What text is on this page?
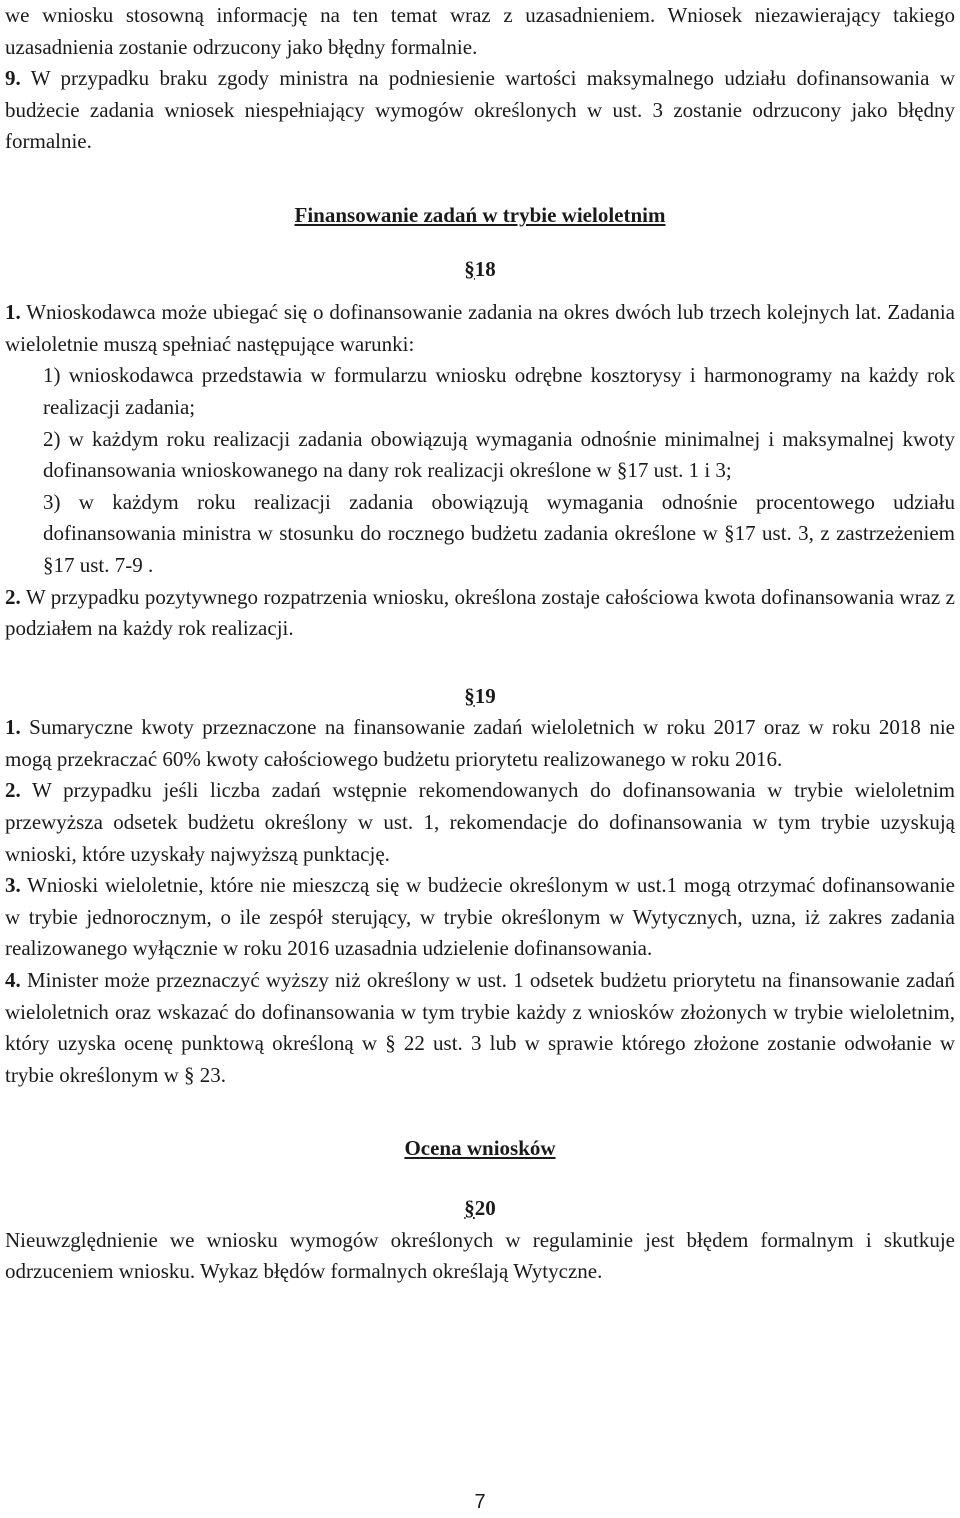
we wniosku stosowną informację na ten temat wraz z uzasadnieniem. Wniosek niezawierający takiego uzasadnienia zostanie odrzucony jako błędny formalnie.

9. W przypadku braku zgody ministra na podniesienie wartości maksymalnego udziału dofinansowania w budżecie zadania wniosek niespełniający wymogów określonych w ust. 3 zostanie odrzucony jako błędny formalnie.

Finansowanie zadań w trybie wieloletnim

§18

1. Wnioskodawca może ubiegać się o dofinansowanie zadania na okres dwóch lub trzech kolejnych lat. Zadania wieloletnie muszą spełniać następujące warunki:

1) wnioskodawca przedstawia w formularzu wniosku odrębne kosztorysy i harmonogramy na każdy rok realizacji zadania;

2) w każdym roku realizacji zadania obowiązują wymagania odnośnie minimalnej i maksymalnej kwoty dofinansowania wnioskowanego na dany rok realizacji określone w §17 ust. 1 i 3;

3) w każdym roku realizacji zadania obowiązują wymagania odnośnie procentowego udziału dofinansowania ministra w stosunku do rocznego budżetu zadania określone w §17 ust. 3, z zastrzeżeniem §17 ust. 7-9 .

2. W przypadku pozytywnego rozpatrzenia wniosku, określona zostaje całościowa kwota dofinansowania wraz z podziałem na każdy rok realizacji.

§19

1. Sumaryczne kwoty przeznaczone na finansowanie zadań wieloletnich w roku 2017 oraz w roku 2018 nie mogą przekraczać 60% kwoty całościowego budżetu priorytetu realizowanego w roku 2016.

2. W przypadku jeśli liczba zadań wstępnie rekomendowanych do dofinansowania w trybie wieloletnim przewyższa odsetek budżetu określony w ust. 1, rekomendacje do dofinansowania w tym trybie uzyskują wnioski, które uzyskały najwyższą punktację.

3. Wnioski wieloletnie, które nie mieszczą się w budżecie określonym w ust.1 mogą otrzymać dofinansowanie w trybie jednorocznym, o ile zespół sterujący, w trybie określonym w Wytycznych, uzna, iż zakres zadania realizowanego wyłącznie w roku 2016 uzasadnia udzielenie dofinansowania.

4. Minister może przeznaczyć wyższy niż określony w ust. 1 odsetek budżetu priorytetu na finansowanie zadań wieloletnich oraz wskazać do dofinansowania w tym trybie każdy z wniosków złożonych w trybie wieloletnim, który uzyska ocenę punktową określoną w § 22 ust. 3 lub w sprawie którego złożone zostanie odwołanie w trybie określonym w § 23.

Ocena wniosków

§20

Nieuwzględnienie we wniosku wymogów określonych w regulaminie jest błędem formalnym i skutkuje odrzuceniem wniosku. Wykaz błędów formalnych określają Wytyczne.

7
